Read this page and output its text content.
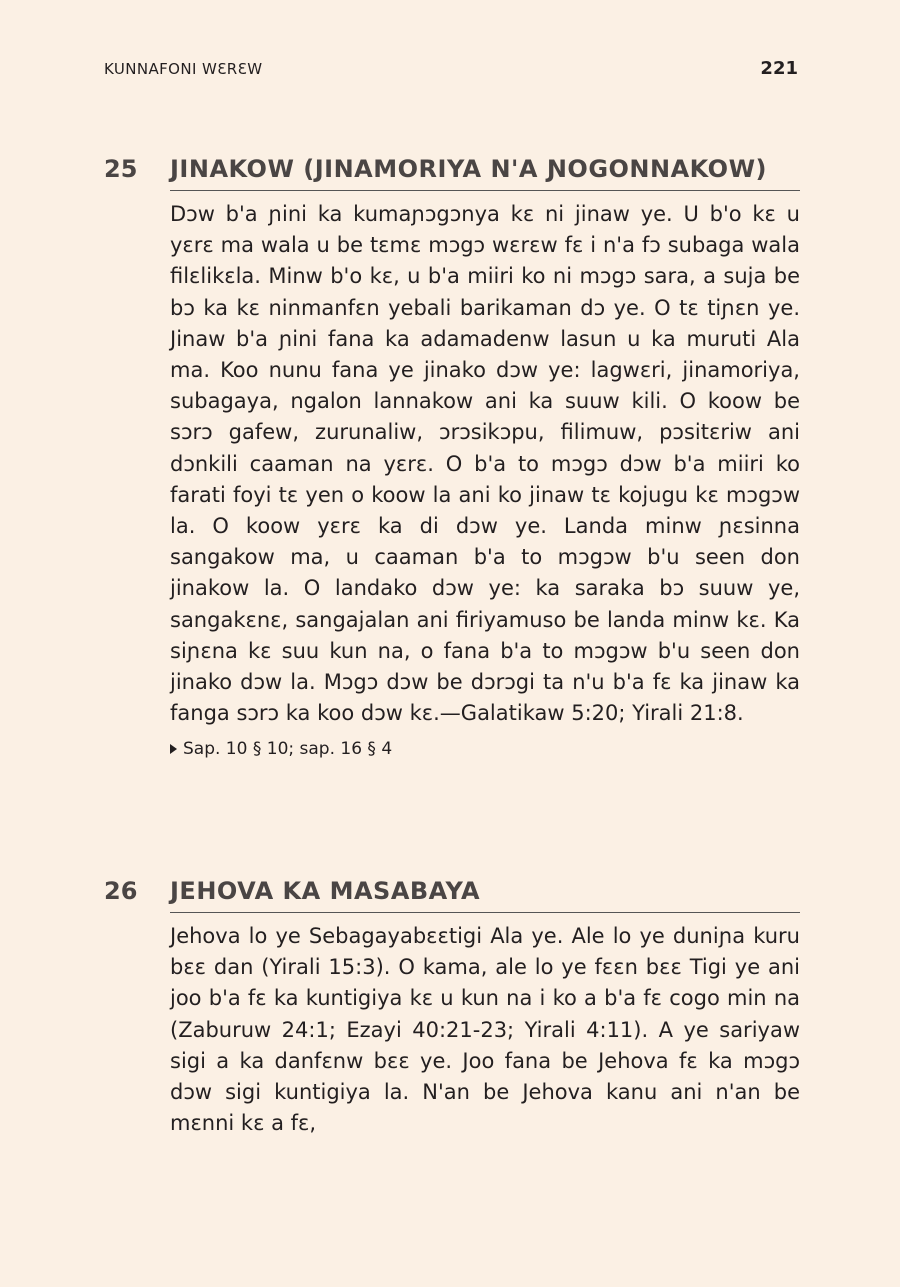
KUNNAFONI WƐRƐW	221
25 JINAKOW (JINAMORIYA N'A ƝOGONNAKOW)
Dɔw b'a ɲini ka kumaɲɔgɔnya kɛ ni jinaw ye. U b'o kɛ u yɛrɛ ma wala u be tɛmɛ mɔgɔ wɛrɛw fɛ i n'a fɔ subaga wala filɛlikɛla. Minw b'o kɛ, u b'a miiri ko ni mɔgɔ sara, a suja be bɔ ka kɛ ninmanfɛn yebali barikaman dɔ ye. O tɛ tiɲɛn ye. Jinaw b'a ɲini fana ka adamadenw lasun u ka muruti Ala ma. Koo nunu fana ye jinako dɔw ye: lagwɛri, jinamoriya, subagaya, ngalon lannakow ani ka suuw kili. O koow be sɔrɔ gafew, zurunaliw, ɔrɔsikɔpu, filimuw, pɔsitɛriw ani dɔnkili caaman na yɛrɛ. O b'a to mɔgɔ dɔw b'a miiri ko farati foyi tɛ yen o koow la ani ko jinaw tɛ kojugu kɛ mɔgɔw la. O koow yɛrɛ ka di dɔw ye. Landa minw ɲɛsinna sangakow ma, u caaman b'a to mɔgɔw b'u seen don jinakow la. O landako dɔw ye: ka saraka bɔ suuw ye, sangakɛnɛ, sangajalan ani firiyamuso be landa minw kɛ. Ka siɲɛna kɛ suu kun na, o fana b'a to mɔgɔw b'u seen don jinako dɔw la. Mɔgɔ dɔw be dɔrɔgi ta n'u b'a fɛ ka jinaw ka fanga sɔrɔ ka koo dɔw kɛ.—Galatikaw 5:20; Yirali 21:8.
Sap. 10 § 10; sap. 16 § 4
26 JEHOVA KA MASABAYA
Jehova lo ye Sebagayabɛɛtigi Ala ye. Ale lo ye duniɲa kuru bɛɛ dan (Yirali 15:3). O kama, ale lo ye fɛɛn bɛɛ Tigi ye ani joo b'a fɛ ka kuntigiya kɛ u kun na i ko a b'a fɛ cogo min na (Zaburuw 24:1; Ezayi 40:21-23; Yirali 4:11). A ye sariyaw sigi a ka danfɛnw bɛɛ ye. Joo fana be Jehova fɛ ka mɔgɔ dɔw sigi kuntigiya la. N'an be Jehova kanu ani n'an be mɛnni kɛ a fɛ,
